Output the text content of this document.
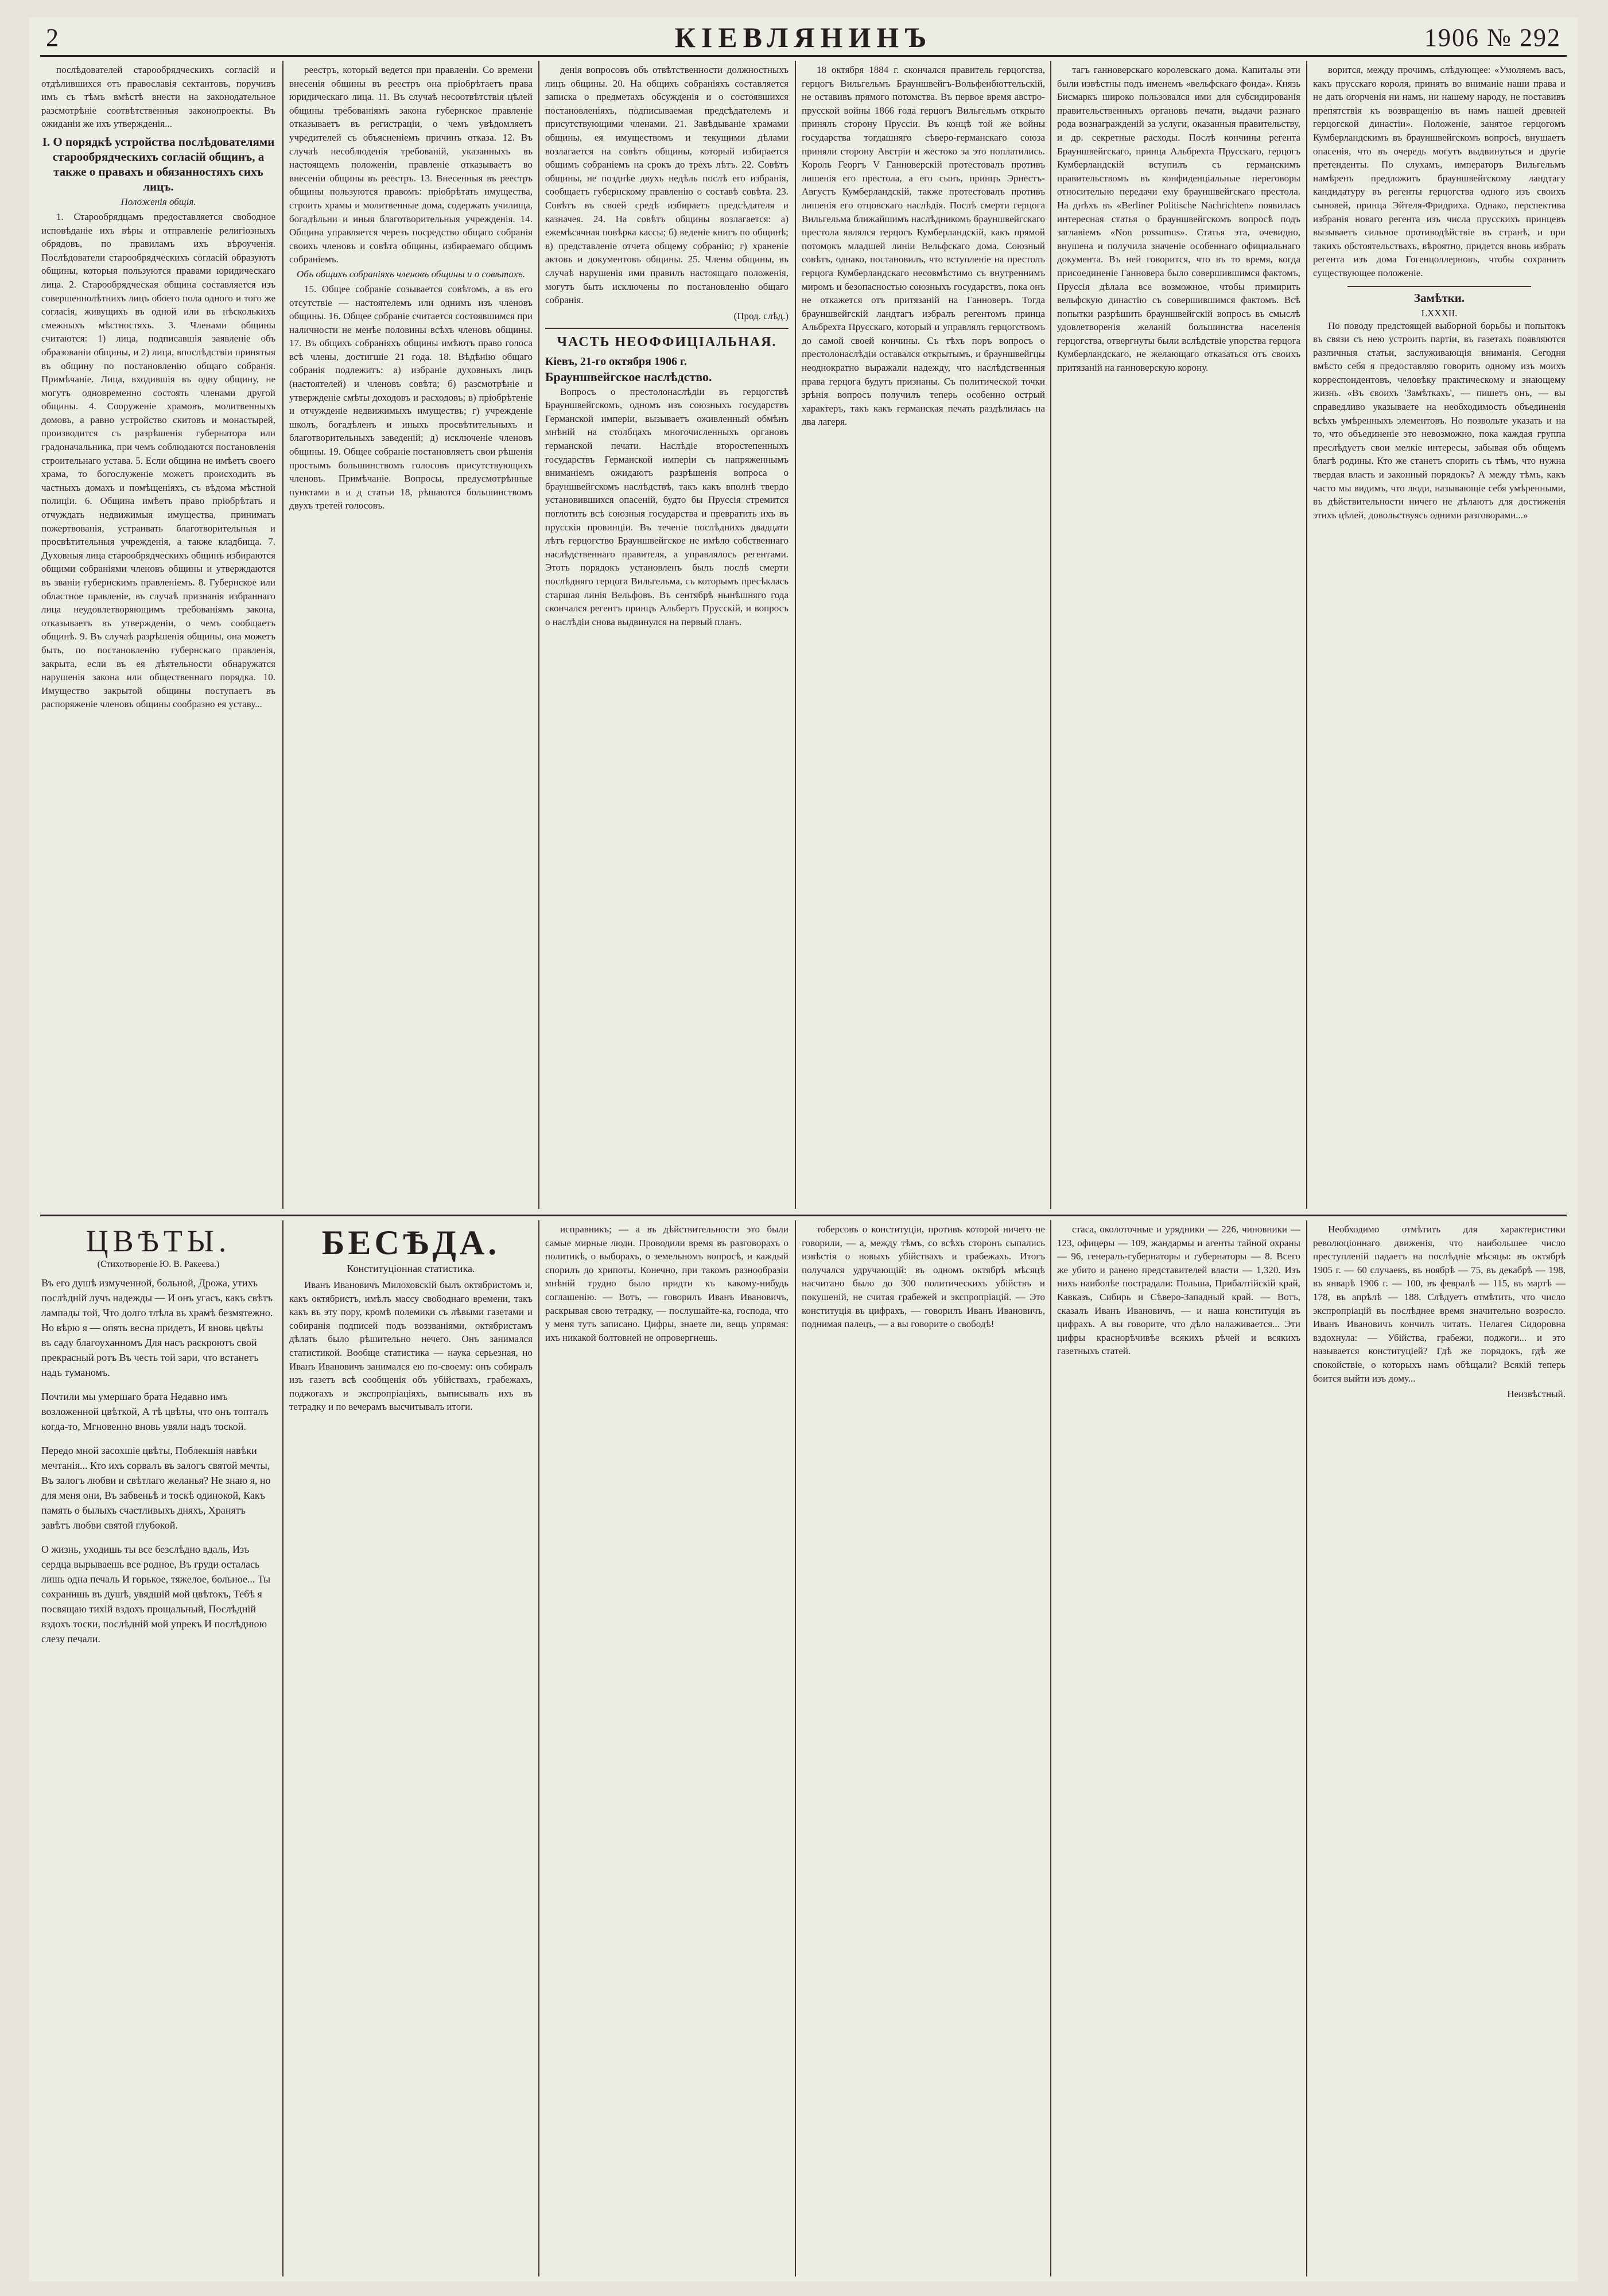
2	КІЕВЛЯНИНЪ	1906 № 292
послѣдователей старообрядческихъ согласій и отдѣлившихся отъ православія сектантовъ, поручивъ имъ съ тѣмъ вмѣстѣ внести на законодательное разсмотрѣніе соотвѣтственныя законопроекты. Въ ожиданіи же ихъ утвержденія...
I. О порядкѣ устройства послѣдователями старообрядческихъ согласій общинъ, а также о правахъ и обязанностяхъ сихъ лицъ.
Положенія общія.
1. Старообрядцамъ предоставляется свободное исповѣданіе ихъ вѣры и отправленіе религіозныхъ обрядовъ, по правиламъ ихъ вѣроученія. Послѣдователи старообрядческихъ согласій образуютъ общины, которыя пользуются правами юридическаго лица. 2. Старообрядческая община составляется изъ совершеннолѣтнихъ лицъ обоего пола одного и того же согласія, живущихъ въ одной или въ нѣсколькихъ смежныхъ мѣстностяхъ. 3. Членами общины считаются: 1) лица, подписавшія заявленіе объ образованіи общины, и 2) лица, впослѣдствіи принятыя въ общину по постановленію общаго собранія. Примѣчаніе. Лица, входившія въ одну общину, не могутъ одновременно состоять членами другой общины. 4. Сооруженіе храмовъ, молитвенныхъ домовъ, а равно устройство скитовъ и монастырей, производится съ разрѣшенія губернатора или градоначальника, при чемъ соблюдаются постановленія строительнаго устава. 5. Если община не имѣетъ своего храма, то богослуженіе можетъ происходить въ частныхъ домахъ и помѣщеніяхъ, съ вѣдома мѣстной полиціи. 6. Община имѣетъ право пріобрѣтать и отчуждать недвижимыя имущества, принимать пожертвованія, устраивать благотворительныя и просвѣтительныя учрежденія, а также кладбища. 7. Духовныя лица старообрядческихъ общинъ избираются общими собраніями членовъ общины и утверждаются въ званіи губернскимъ правленіемъ. 8. Губернское или областное правленіе, въ случаѣ признанія избраннаго лица неудовлетворяющимъ требованіямъ закона, отказываетъ въ утвержденіи, о чемъ сообщаетъ общинѣ. 9. Въ случаѣ разрѣшенія общины, она можетъ быть, по постановленію губернскаго правленія, закрыта, если въ ея дѣятельности обнаружатся нарушенія закона или общественнаго порядка. 10. Имущество закрытой общины поступаетъ въ распоряженіе членовъ общины сообразно ея уставу...
реестръ, который ведется при правленіи. Со времени внесенія общины въ реестръ она пріобрѣтаетъ права юридическаго лица. 11. Въ случаѣ несоотвѣтствія цѣлей общины требованіямъ закона губернское правленіе отказываетъ въ регистраціи, о чемъ увѣдомляетъ учредителей съ объясненіемъ причинъ отказа. 12. Въ случаѣ несоблюденія требованій, указанныхъ въ настоящемъ положеніи, правленіе отказываетъ во внесеніи общины въ реестръ. 13. Внесенныя въ реестръ общины пользуются правомъ: пріобрѣтать имущества, строить храмы и молитвенные дома, содержать училища, богадѣльни и иныя благотворительныя учрежденія. 14. Община управляется черезъ посредство общаго собранія своихъ членовъ и совѣта общины, избираемаго общимъ собраніемъ.
Объ общихъ собраніяхъ членовъ общины и о совѣтахъ.
15. Общее собраніе созывается совѣтомъ, а въ его отсутствіе — настоятелемъ или однимъ изъ членовъ общины. 16. Общее собраніе считается состоявшимся при наличности не менѣе половины всѣхъ членовъ общины. 17. Въ общихъ собраніяхъ общины имѣютъ право голоса всѣ члены, достигшіе 21 года. 18. Вѣдѣнію общаго собранія подлежитъ: а) избраніе духовныхъ лицъ (настоятелей) и членовъ совѣта; б) разсмотрѣніе и утвержденіе смѣты доходовъ и расходовъ; в) пріобрѣтеніе и отчужденіе недвижимыхъ имуществъ; г) учрежденіе школъ, богадѣленъ и иныхъ просвѣтительныхъ и благотворительныхъ заведеній; д) исключеніе членовъ общины. 19. Общее собраніе постановляетъ свои рѣшенія простымъ большинствомъ голосовъ присутствующихъ членовъ. Примѣчаніе. Вопросы, предусмотрѣнные пунктами в и д статьи 18, рѣшаются большинствомъ двухъ третей голосовъ.
денія вопросовъ объ отвѣтственности должностныхъ лицъ общины. 20. На общихъ собраніяхъ составляется записка о предметахъ обсужденія и о состоявшихся постановленіяхъ, подписываемая предсѣдателемъ и присутствующими членами. 21. Завѣдываніе храмами общины, ея имуществомъ и текущими дѣлами возлагается на совѣтъ общины, который избирается общимъ собраніемъ на срокъ до трехъ лѣтъ. 22. Совѣтъ общины, не позднѣе двухъ недѣль послѣ его избранія, сообщаетъ губернскому правленію о составѣ совѣта. 23. Совѣтъ въ своей средѣ избираетъ предсѣдателя и казначея. 24. На совѣтъ общины возлагается: а) ежемѣсячная повѣрка кассы; б) веденіе книгъ по общинѣ; в) представленіе отчета общему собранію; г) храненіе актовъ и документовъ общины. 25. Члены общины, въ случаѣ нарушенія ими правилъ настоящаго положенія, могутъ быть исключены по постановленію общаго собранія.
(Прод. слѣд.)
ЧАСТЬ НЕОФФИЦІАЛЬНАЯ.
Кіевъ, 21-го октября 1906 г.
Брауншвейгское наслѣдство.
Вопросъ о престолонаслѣдіи въ герцогствѣ Брауншвейгскомъ, одномъ изъ союзныхъ государствъ Германской имперіи, вызываетъ оживленный обмѣнъ мнѣній на столбцахъ многочисленныхъ органовъ германской печати. Наслѣдіе второстепенныхъ государствъ Германской имперіи съ напряженнымъ вниманіемъ ожидаютъ разрѣшенія вопроса о брауншвейгскомъ наслѣдствѣ, такъ какъ вполнѣ твердо установившихся опасеній, будто бы Пруссія стремится поглотить всѣ союзныя государства и превратить ихъ въ прусскія провинціи. Въ теченіе послѣднихъ двадцати лѣтъ герцогство Брауншвейгское не имѣло собственнаго наслѣдственнаго правителя, а управлялось регентами. Этотъ порядокъ установленъ былъ послѣ смерти послѣдняго герцога Вильгельма, съ которымъ пресѣклась старшая линія Вельфовъ. Въ сентябрѣ нынѣшняго года скончался регентъ принцъ Альбертъ Прусскій, и вопросъ о наслѣдіи снова выдвинулся на первый планъ.
18 октября 1884 г. скончался правитель герцогства, герцогъ Вильгельмъ Брауншвейгъ-Вольфенбюттельскій, не оставивъ прямого потомства. Въ первое время австро-прусской войны 1866 года герцогъ Вильгельмъ открыто принялъ сторону Пруссіи. Въ концѣ той же войны государства тогдашняго сѣверо-германскаго союза приняли сторону Австріи и жестоко за это поплатились. Король Георгъ V Ганноверскій протестовалъ противъ лишенія его престола, а его сынъ, принцъ Эрнестъ-Августъ Кумберландскій, также протестовалъ противъ лишенія его отцовскаго наслѣдія. Послѣ смерти герцога Вильгельма ближайшимъ наслѣдникомъ брауншвейгскаго престола являлся герцогъ Кумберландскій, какъ прямой потомокъ младшей линіи Вельфскаго дома. Союзный совѣтъ, однако, постановилъ, что вступленіе на престолъ герцога Кумберландскаго несовмѣстимо съ внутреннимъ миромъ и безопасностью союзныхъ государствъ, пока онъ не откажется отъ притязаній на Ганноверъ. Тогда брауншвейгскій ландтагъ избралъ регентомъ принца Альбрехта Прусскаго, который и управлялъ герцогствомъ до самой своей кончины. Съ тѣхъ поръ вопросъ о престолонаслѣдіи оставался открытымъ, и брауншвейгцы неоднократно выражали надежду, что наслѣдственныя права герцога будутъ признаны. Съ политической точки зрѣнія вопросъ получилъ теперь особенно острый характеръ, такъ какъ германская печать раздѣлилась на два лагеря.
тагъ ганноверскаго королевскаго дома. Капиталы эти были извѣстны подъ именемъ «вельфскаго фонда». Князь Бисмаркъ широко пользовался ими для субсидированія правительственныхъ органовъ печати, выдачи разнаго рода вознагражденій за услуги, оказанныя правительству, и др. секретные расходы. Послѣ кончины регента Брауншвейгскаго, принца Альбрехта Прусскаго, герцогъ Кумберландскій вступилъ съ германскимъ правительствомъ въ конфиденціальные переговоры относительно передачи ему брауншвейгскаго престола. На днѣхъ въ «Berliner Politische Nachrichten» появилась интересная статья о брауншвейгскомъ вопросѣ подъ заглавіемъ «Non possumus». Статья эта, очевидно, внушена и получила значеніе особеннаго официальнаго документа. Въ ней говорится, что въ то время, когда присоединеніе Ганновера было совершившимся фактомъ, Пруссія дѣлала все возможное, чтобы примирить вельфскую династію съ совершившимся фактомъ. Всѣ попытки разрѣшить брауншвейгскій вопросъ въ смыслѣ удовлетворенія желаній большинства населенія герцогства, отвергнуты были вслѣдствіе упорства герцога Кумберландскаго, не желающаго отказаться отъ своихъ притязаній на ганноверскую корону.
ворится, между прочимъ, слѣдующее: «Умоляемъ васъ, какъ прусскаго короля, принять во вниманіе наши права и не дать огорченія ни намъ, ни нашему народу, не поставивъ препятствія къ возвращенію въ намъ нашей древней герцогской династіи». Положеніе, занятое герцогомъ Кумберландскимъ въ брауншвейгскомъ вопросѣ, внушаетъ опасенія, что въ очередь могутъ выдвинуться и другіе претенденты. По слухамъ, императоръ Вильгельмъ намѣренъ предложить брауншвейгскому ландтагу кандидатуру въ регенты герцогства одного изъ своихъ сыновей, принца Эйтеля-Фридриха. Однако, перспектива избранія новаго регента изъ числа прусскихъ принцевъ вызываетъ сильное противодѣйствіе въ странѣ, и при такихъ обстоятельствахъ, вѣроятно, придется вновь избрать регента изъ дома Гогенцоллерновъ, чтобы сохранить существующее положеніе.
Замѣтки.
LXXXII.
По поводу предстоящей выборной борьбы и попытокъ въ связи съ нею устроить партіи, въ газетахъ появляются различныя статьи, заслуживающія вниманія. Сегодня вмѣсто себя я предоставляю говорить одному изъ моихъ корреспондентовъ, человѣку практическому и знающему жизнь. «Въ своихъ 'Замѣткахъ', — пишетъ онъ, — вы справедливо указываете на необходимость объединенія всѣхъ умѣренныхъ элементовъ. Но позвольте указать и на то, что объединеніе это невозможно, пока каждая группа преслѣдуетъ свои мелкіе интересы, забывая объ общемъ благѣ родины. Кто же станетъ спорить съ тѣмъ, что нужна твердая власть и законный порядокъ? А между тѣмъ, какъ часто мы видимъ, что люди, называющіе себя умѣренными, въ дѣйствительности ничего не дѣлаютъ для достиженія этихъ цѣлей, довольствуясь одними разговорами...»
ЦВѢТЫ.
(Стихотвореніе Ю. В. Ракеева.)
Въ его душѣ измученной, больной, Дрожа, утихъ послѣдній лучъ надежды — И онъ угасъ, какъ свѣтъ лампады той, Что долго тлѣла въ храмѣ безмятежно. Но вѣрю я — опять весна придетъ, И вновь цвѣты въ саду благоуханномъ Для насъ раскроютъ свой прекрасный ротъ Въ честь той зари, что встанетъ надъ туманомъ.
Почтили мы умершаго брата Недавно имъ возложенной цвѣткой, А тѣ цвѣты, что онъ топталъ когда-то, Мгновенно вновь увяли надъ тоской.
Передо мной засохшіе цвѣты, Поблекшія навѣки мечтанія... Кто ихъ сорвалъ въ залогъ святой мечты, Въ залогъ любви и свѣтлаго желанья? Не знаю я, но для меня они, Въ забвеньѣ и тоскѣ одинокой, Какъ память о былыхъ счастливыхъ дняхъ, Хранятъ завѣтъ любви святой глубокой.
О жизнь, уходишь ты все безслѣдно вдаль, Изъ сердца вырываешь все родное, Въ груди осталась лишь одна печаль И горькое, тяжелое, больное... Ты сохранишь въ душѣ, увядшій мой цвѣтокъ, Тебѣ я посвящаю тихій вздохъ прощальный, Послѣдній вздохъ тоски, послѣдній мой упрекъ И послѣднюю слезу печали.
БЕСѢДА.
Конституціонная статистика.
Иванъ Ивановичъ Милоховскій былъ октябристомъ и, какъ октябристъ, имѣлъ массу свободнаго времени, такъ какъ въ эту пору, кромѣ полемики съ лѣвыми газетами и собиранія подписей подъ воззваніями, октябристамъ дѣлать было рѣшительно нечего. Онъ занимался статистикой. Вообще статистика — наука серьезная, но Иванъ Ивановичъ занимался ею по-своему: онъ собиралъ изъ газетъ всѣ сообщенія объ убійствахъ, грабежахъ, поджогахъ и экспропріаціяхъ, выписывалъ ихъ въ тетрадку и по вечерамъ высчитывалъ итоги.
исправникъ; — а въ дѣйствительности это были самые мирные люди. Проводили время въ разговорахъ о политикѣ, о выборахъ, о земельномъ вопросѣ, и каждый спорилъ до хрипоты. Конечно, при такомъ разнообразіи мнѣній трудно было придти къ какому-нибудь соглашенію. — Вотъ, — говорилъ Иванъ Ивановичъ, раскрывая свою тетрадку, — послушайте-ка, господа, что у меня тутъ записано. Цифры, знаете ли, вещь упрямая: ихъ никакой болтовней не опровергнешь.
тоберсовъ о конституціи, противъ которой ничего не говорили, — а, между тѣмъ, со всѣхъ сторонъ сыпались извѣстія о новыхъ убійствахъ и грабежахъ. Итогъ получался удручающій: въ одномъ октябрѣ мѣсяцѣ насчитано было до 300 политическихъ убійствъ и покушеній, не считая грабежей и экспропріацій. — Это конституція въ цифрахъ, — говорилъ Иванъ Ивановичъ, поднимая палецъ, — а вы говорите о свободѣ!
стаса, околоточные и урядники — 226, чиновники — 123, офицеры — 109, жандармы и агенты тайной охраны — 96, генералъ-губернаторы и губернаторы — 8. Всего же убито и ранено представителей власти — 1,320. Изъ нихъ наиболѣе пострадали: Польша, Прибалтійскій край, Кавказъ, Сибирь и Сѣверо-Западный край. — Вотъ, сказалъ Иванъ Ивановичъ, — и наша конституція въ цифрахъ. А вы говорите, что дѣло налаживается... Эти цифры краснорѣчивѣе всякихъ рѣчей и всякихъ газетныхъ статей.
Необходимо отмѣтить для характеристики революціоннаго движенія, что наибольшее число преступленій падаетъ на послѣдніе мѣсяцы: въ октябрѣ 1905 г. — 60 случаевъ, въ ноябрѣ — 75, въ декабрѣ — 198, въ январѣ 1906 г. — 100, въ февралѣ — 115, въ мартѣ — 178, въ апрѣлѣ — 188. Слѣдуетъ отмѣтить, что число экспропріацій въ послѣднее время значительно возросло. Иванъ Ивановичъ кончилъ читать. Пелагея Сидоровна вздохнула: — Убійства, грабежи, поджоги... и это называется конституціей? Гдѣ же порядокъ, гдѣ же спокойствіе, о которыхъ намъ обѣщали? Всякій теперь боится выйти изъ дому...
Неизвѣстный.
